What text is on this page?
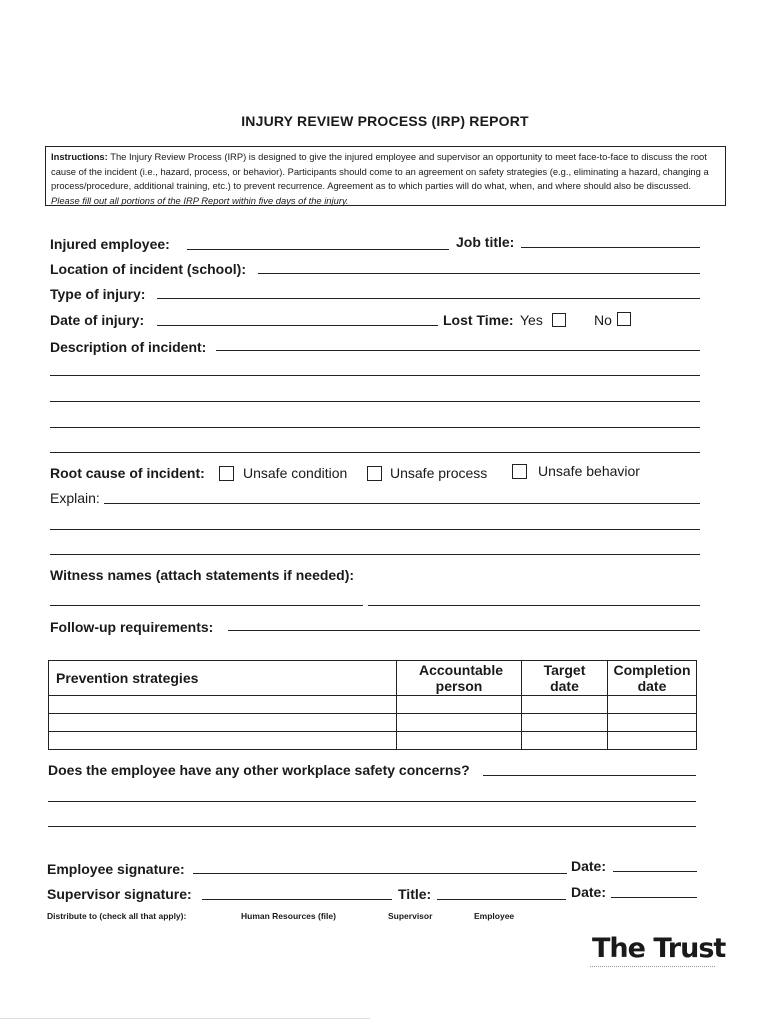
INJURY REVIEW PROCESS (IRP) REPORT
Instructions: The Injury Review Process (IRP) is designed to give the injured employee and supervisor an opportunity to meet face-to-face to discuss the root cause of the incident (i.e., hazard, process, or behavior). Participants should come to an agreement on safety strategies (e.g., eliminating a hazard, changing a process/procedure, additional training, etc.) to prevent recurrence. Agreement as to which parties will do what, when, and where should also be discussed. Please fill out all portions of the IRP Report within five days of the injury.
Injured employee:	Job title:
Location of incident (school):
Type of injury:
Date of injury:	Lost Time: Yes	No
Description of incident:
Root cause of incident:	Unsafe condition	Unsafe process	Unsafe behavior
Explain:
Witness names (attach statements if needed):
Follow-up requirements:
Prevention strategies	Accountable person	Target date	Completion date

Does the employee have any other workplace safety concerns?
Employee signature:	Date:
Supervisor signature:	Title:	Date:
Distribute to (check all that apply):	Human Resources (file)	Supervisor	Employee
The Trust
